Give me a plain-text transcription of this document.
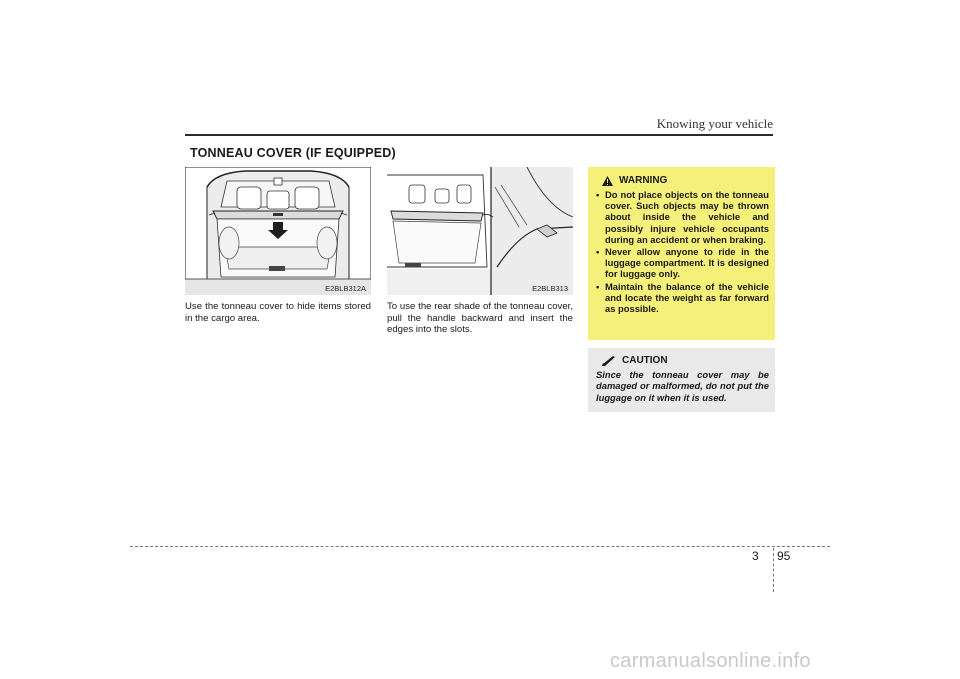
Knowing your vehicle
TONNEAU COVER (IF EQUIPPED)
E2BLB312A	E2BLB313

Use the tonneau cover to hide items stored in the cargo area.

To use the rear shade of the tonneau cover, pull the handle backward and insert the edges into the slots.

WARNING
• Do not place objects on the tonneau cover. Such objects may be thrown about inside the vehicle and possibly injure vehicle occupants during an accident or when braking.
• Never allow anyone to ride in the luggage compartment. It is designed for luggage only.
• Maintain the balance of the vehicle and locate the weight as far forward as possible.
CAUTION
Since the tonneau cover may be damaged or malformed, do not put the luggage on it when it is used.
3 95
carmanualsonline.info
